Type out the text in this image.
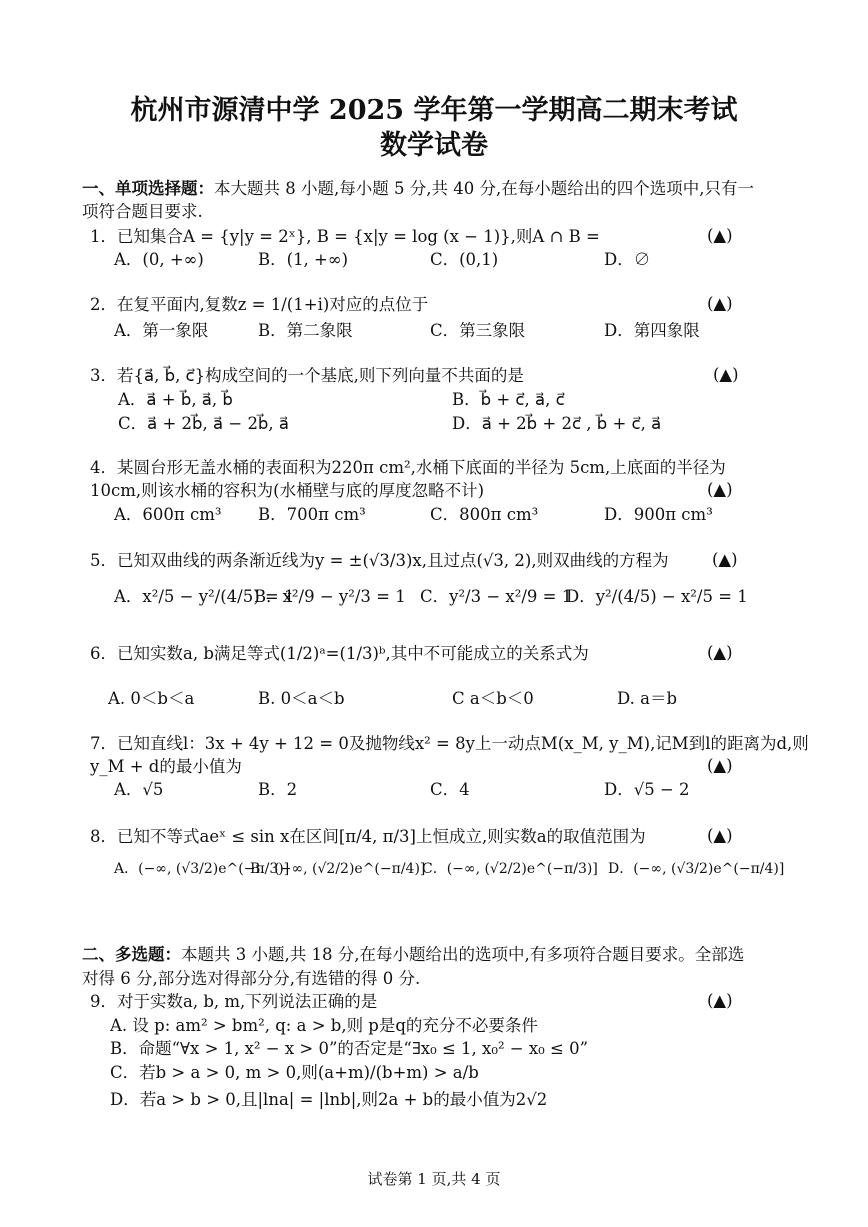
杭州市源清中学 2025 学年第一学期高二期末考试
数学试卷
一、单项选择题：本大题共 8 小题,每小题 5 分,共 40 分,在每小题给出的四个选项中,只有一
项符合题目要求.
1．已知集合A = {y|y = 2ˣ}, B = {x|y = log (x − 1)},则A ∩ B =	(▲)
A．(0, +∞)	B．(1, +∞)	C．(0,1)	D．∅
2．在复平面内,复数z = 1/(1+i)对应的点位于	(▲)
A．第一象限	B．第二象限	C．第三象限	D．第四象限
3．若{a⃗, b⃗, c⃗}构成空间的一个基底,则下列向量不共面的是	(▲)
A．a⃗ + b⃗, a⃗, b⃗	B．b⃗ + c⃗, a⃗, c⃗
C．a⃗ + 2b⃗, a⃗ − 2b⃗, a⃗	D．a⃗ + 2b⃗ + 2c⃗ , b⃗ + c⃗, a⃗
4．某圆台形无盖水桶的表面积为220π cm²,水桶下底面的半径为 5cm,上底面的半径为
10cm,则该水桶的容积为(水桶壁与底的厚度忽略不计)	(▲)
A．600π cm³ B．700π cm³	C．800π cm³	D．900π cm³
5．已知双曲线的两条渐近线为y = ±(√3/3)x,且过点(√3, 2),则双曲线的方程为	(▲)
A．x²/5 − y²/(4/5) = 1
B．x²/9 − y²/3 = 1 C．y²/3 − x²/9 = 1
D．y²/(4/5) − x²/5 = 1
6．已知实数a, b满足等式(1/2)ᵃ=(1/3)ᵇ,其中不可能成立的关系式为	(▲)
A. 0＜b＜a	B. 0＜a＜b	C a＜b＜0	D. a＝b
7．已知直线l：3x + 4y + 12 = 0及抛物线x² = 8y上一动点M(x_M, y_M),记M到l的距离为d,则
y_M + d的最小值为	(▲)
A．√5	B．2	C．4	D．√5 − 2
8．已知不等式aeˣ ≤ sin x在区间[π/4, π/3]上恒成立,则实数a的取值范围为	(▲)
A．(−∞, (√3/2)e^(−π/3)]
B．(−∞, (√2/2)e^(−π/4)]
C．(−∞, (√2/2)e^(−π/3)] D．(−∞, (√3/2)e^(−π/4)]
二、多选题：本题共 3 小题,共 18 分,在每小题给出的选项中,有多项符合题目要求。全部选
对得 6 分,部分选对得部分分,有选错的得 0 分.
9．对于实数a, b, m,下列说法正确的是	(▲)
A. 设 p: am² > bm², q: a > b,则 p是q的充分不必要条件
B．命题“∀x > 1, x² − x > 0”的否定是“∃x₀ ≤ 1, x₀² − x₀ ≤ 0”
C．若b > a > 0, m > 0,则(a+m)/(b+m) > a/b
D．若a > b > 0,且|lna| = |lnb|,则2a + b的最小值为2√2
试卷第 1 页,共 4 页
